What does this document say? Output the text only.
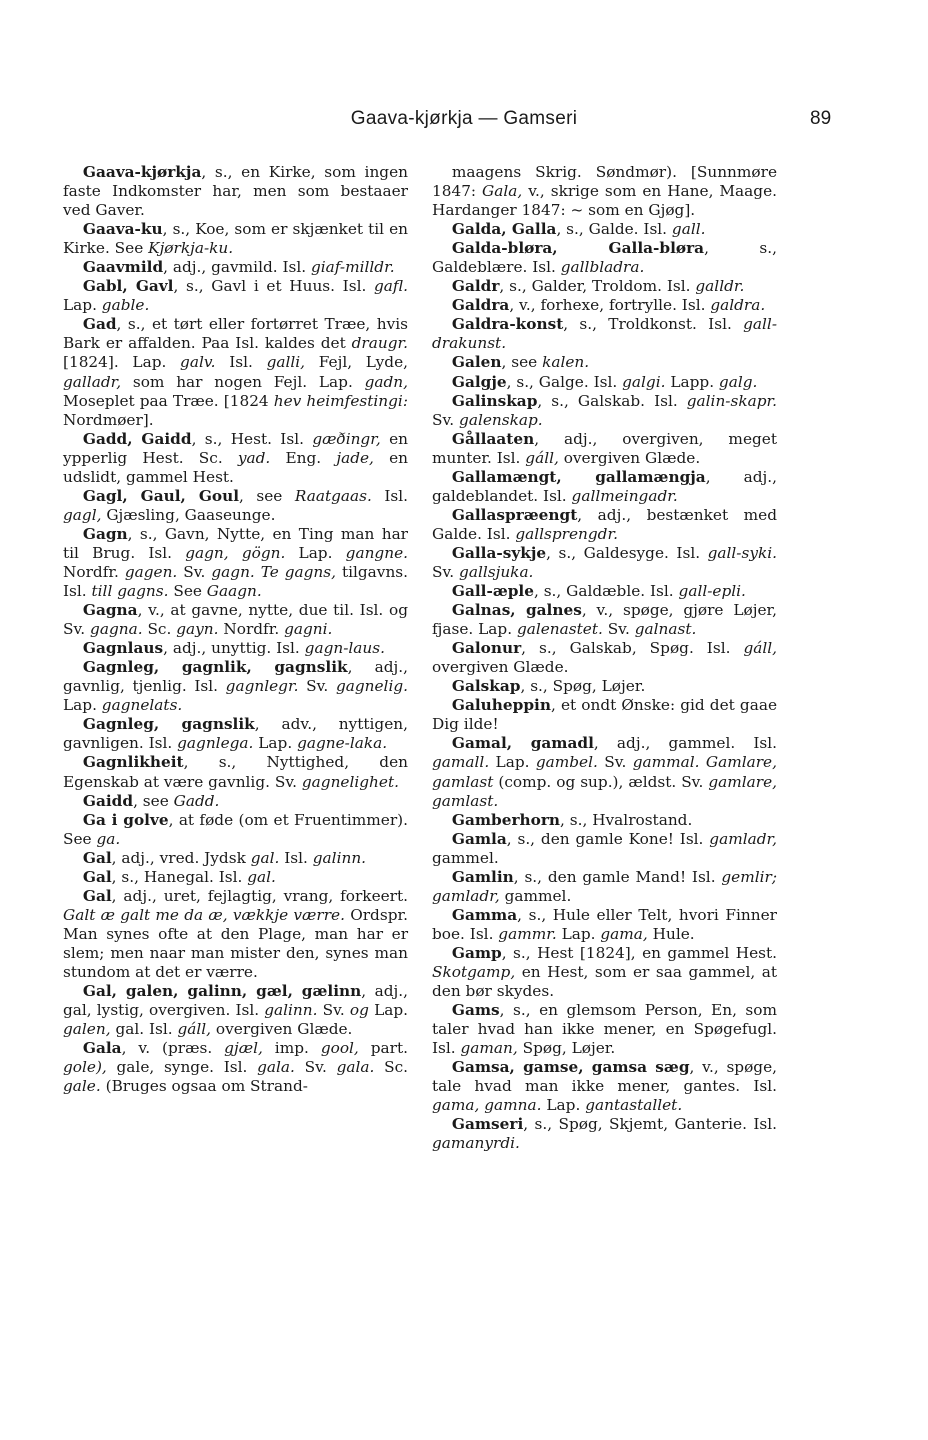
Gaava-kjørkja — Gamseri	89

Gaava-kjørkja, s., en Kirke, som ingen faste Indkomster har, men som bestaaer ved Gaver.

Gaava-ku, s., Koe, som er skjænket til en Kirke. See Kjørkja-ku.

Gaavmild, adj., gavmild. Isl. giaf-milldr.

Gabl, Gavl, s., Gavl i et Huus. Isl. gafl. Lap. gable.

Gad, s., et tørt eller fortørret Træe, hvis Bark er affalden. Paa Isl. kaldes det draugr. [1824]. Lap. galv. Isl. galli, Fejl, Lyde, galladr, som har nogen Fejl. Lap. gadn, Moseplet paa Træe. [1824 hev heimfestingi: Nordmøer].

Gadd, Gaidd, s., Hest. Isl. gæðingr, en ypperlig Hest. Sc. yad. Eng. jade, en udslidt, gammel Hest.

Gagl, Gaul, Goul, see Raatgaas. Isl. gagl, Gjæsling, Gaaseunge.

Gagn, s., Gavn, Nytte, en Ting man har til Brug. Isl. gagn, gögn. Lap. gangne. Nordfr. gagen. Sv. gagn. Te gagns, tilgavns. Isl. till gagns. See Gaagn.

Gagna, v., at gavne, nytte, due til. Isl. og Sv. gagna. Sc. gayn. Nordfr. gagni.

Gagnlaus, adj., unyttig. Isl. gagn-laus.

Gagnleg, gagnlik, gagnslik, adj., gavnlig, tjenlig. Isl. gagnlegr. Sv. gagnelig. Lap. gagnelats.

Gagnleg, gagnslik, adv., nyttigen, gavnligen. Isl. gagnlega. Lap. gagne-laka.

Gagnlikheit, s., Nyttighed, den Egenskab at være gavnlig. Sv. gagnelighet.

Gaidd, see Gadd.

Ga i golve, at føde (om et Fruentimmer). See ga.

Gal, adj., vred. Jydsk gal. Isl. galinn.

Gal, s., Hanegal. Isl. gal.

Gal, adj., uret, fejlagtig, vrang, forkeert. Galt æ galt me da æ, vækkje værre. Ordspr. Man synes ofte at den Plage, man har er slem; men naar man mister den, synes man stundom at det er værre.

Gal, galen, galinn, gæl, gælinn, adj., gal, lystig, overgiven. Isl. galinn. Sv. og Lap. galen, gal. Isl. gáll, overgiven Glæde.

Gala, v. (præs. gjæl, imp. gool, part. gole), gale, synge. Isl. gala. Sv. gala. Sc. gale. (Bruges ogsaa om Strand-

maagens Skrig. Søndmør). [Sunnmøre 1847: Gala, v., skrige som en Hane, Maage. Hardanger 1847: ~ som en Gjøg].

Galda, Galla, s., Galde. Isl. gall.

Galda-bløra, Galla-bløra, s., Galdeblære. Isl. gallbladra.

Galdr, s., Galder, Troldom. Isl. galldr.

Galdra, v., forhexe, fortrylle. Isl. galdra.

Galdra-konst, s., Troldkonst. Isl. gall-drakunst.

Galen, see kalen.

Galgje, s., Galge. Isl. galgi. Lapp. galg.

Galinskap, s., Galskab. Isl. galin-skapr. Sv. galenskap.

Gållaaten, adj., overgiven, meget munter. Isl. gáll, overgiven Glæde.

Gallamængt, gallamængja, adj., galdeblandet. Isl. gallmeingadr.

Gallaspræengt, adj., bestænket med Galde. Isl. gallsprengdr.

Galla-sykje, s., Galdesyge. Isl. gall-syki. Sv. gallsjuka.

Gall-æple, s., Galdæble. Isl. gall-epli.

Galnas, galnes, v., spøge, gjøre Løjer, fjase. Lap. galenastet. Sv. galnast.

Galonur, s., Galskab, Spøg. Isl. gáll, overgiven Glæde.

Galskap, s., Spøg, Løjer.

Galuheppin, et ondt Ønske: gid det gaae Dig ilde!

Gamal, gamadl, adj., gammel. Isl. gamall. Lap. gambel. Sv. gammal. Gamlare, gamlast (comp. og sup.), ældst. Sv. gamlare, gamlast.

Gamberhorn, s., Hvalrostand.

Gamla, s., den gamle Kone! Isl. gamladr, gammel.

Gamlin, s., den gamle Mand! Isl. gemlir; gamladr, gammel.

Gamma, s., Hule eller Telt, hvori Finner boe. Isl. gammr. Lap. gama, Hule.

Gamp, s., Hest [1824], en gammel Hest. Skotgamp, en Hest, som er saa gammel, at den bør skydes.

Gams, s., en glemsom Person, En, som taler hvad han ikke mener, en Spøgefugl. Isl. gaman, Spøg, Løjer.

Gamsa, gamse, gamsa sæg, v., spøge, tale hvad man ikke mener, gantes. Isl. gama, gamna. Lap. gantastallet.

Gamseri, s., Spøg, Skjemt, Ganterie. Isl. gamanyrdi.
